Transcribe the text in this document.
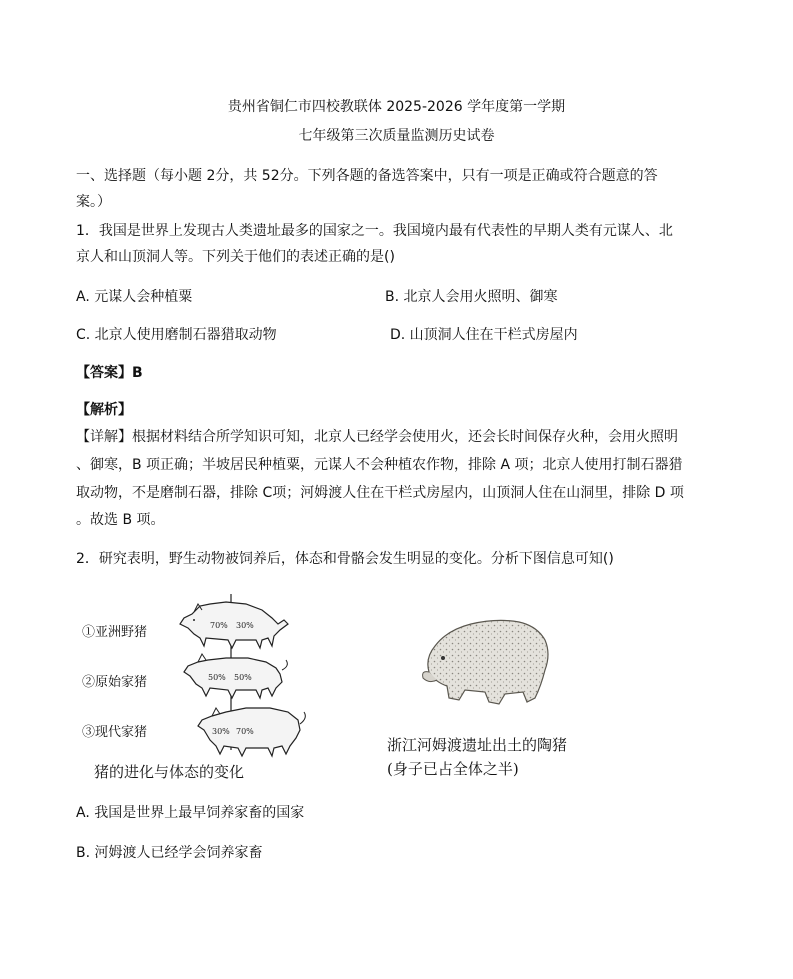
贵州省铜仁市四校教联体 2025-2026 学年度第一学期
七年级第三次质量监测历史试卷
一、选择题（每小题 2分，共 52分。下列各题的备选答案中，只有一项是正确或符合题意的答
案。）
1．我国是世界上发现古人类遗址最多的国家之一。我国境内最有代表性的早期人类有元谋人、北
京人和山顶洞人等。下列关于他们的表述正确的是()
A. 元谋人会种植粟	B. 北京人会用火照明、御寒
C. 北京人使用磨制石器猎取动物	D. 山顶洞人住在干栏式房屋内
【答案】B
【解析】
【详解】根据材料结合所学知识可知，北京人已经学会使用火，还会长时间保存火种，会用火照明
、御寒，B 项正确；半坡居民种植粟，元谋人不会种植农作物，排除 A 项；北京人使用打制石器猎
取动物，不是磨制石器，排除 C项；河姆渡人住在干栏式房屋内，山顶洞人住在山洞里，排除 D 项
。故选 B 项。
2．研究表明，野生动物被饲养后，体态和骨骼会发生明显的变化。分析下图信息可知()
70% 30%
50% 50%
30% 70%
①亚洲野猪
②原始家猪
③现代家猪
猪的进化与体态的变化
浙江河姆渡遗址出土的陶猪
(身子已占全体之半)
A. 我国是世界上最早饲养家畜的国家
B. 河姆渡人已经学会饲养家畜
